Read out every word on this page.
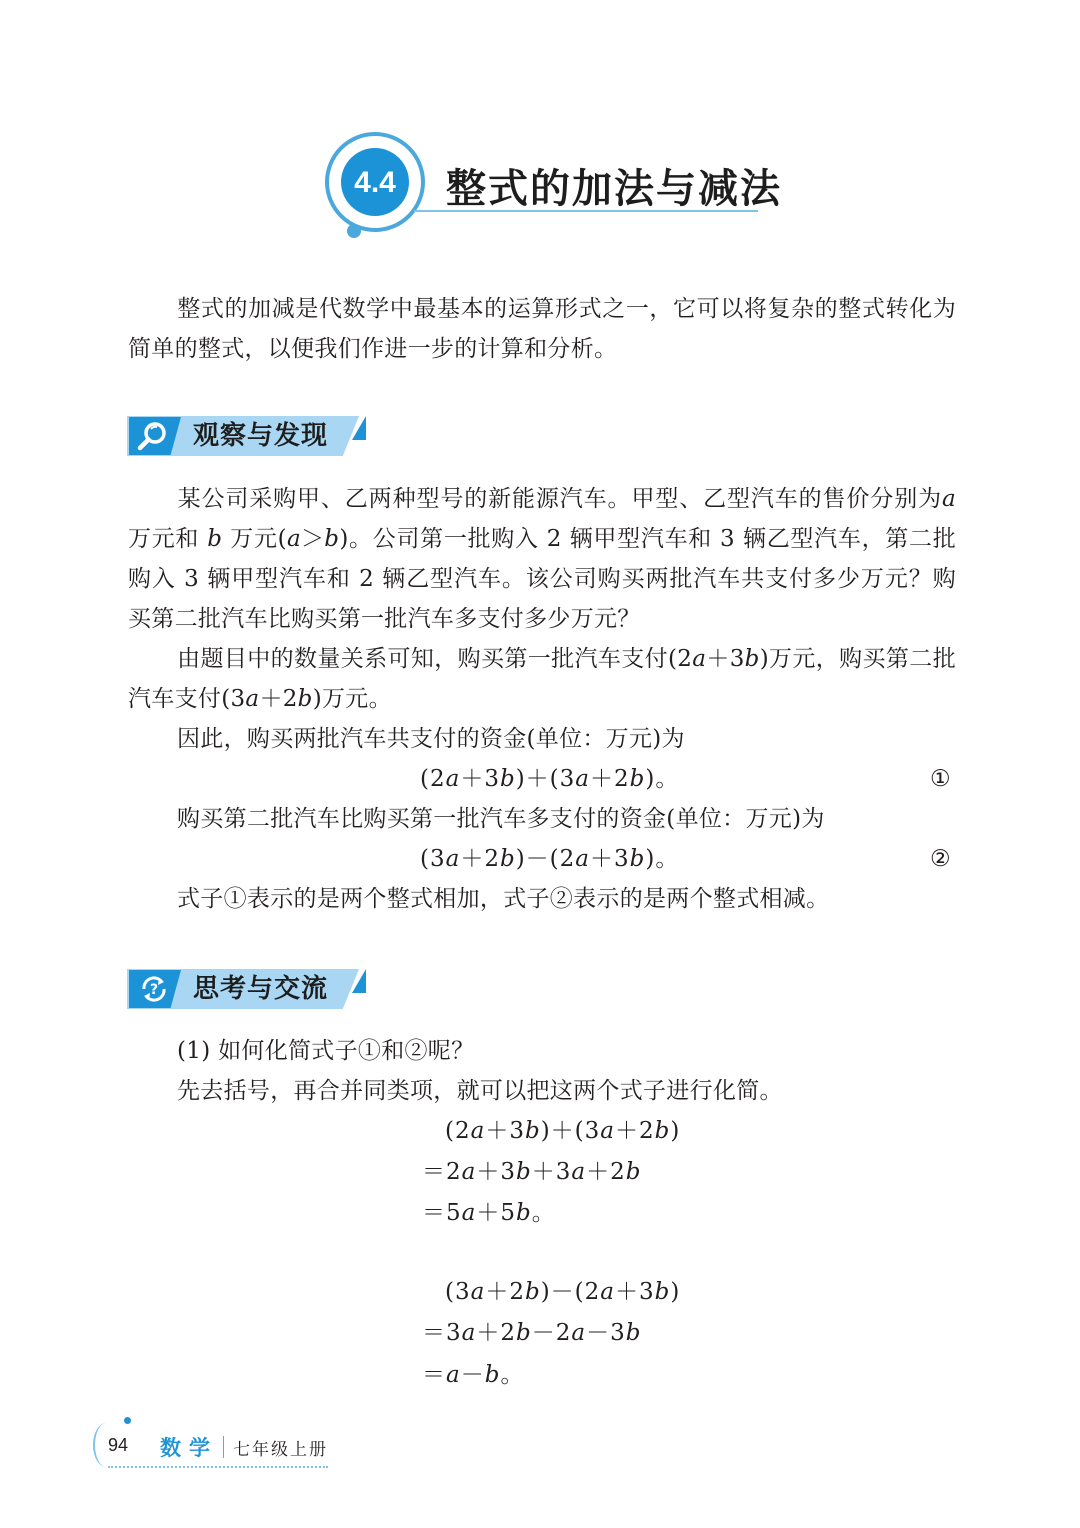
4.4	整式的加法与减法
整式的加减是代数学中最基本的运算形式之一，它可以将复杂的整式转化为简单的整式，以便我们作进一步的计算和分析。
观察与发现
某公司采购甲、乙两种型号的新能源汽车。甲型、乙型汽车的售价分别为a 万元和 b 万元(a＞b)。公司第一批购入 2 辆甲型汽车和 3 辆乙型汽车，第二批购入 3 辆甲型汽车和 2 辆乙型汽车。该公司购买两批汽车共支付多少万元？购买第二批汽车比购买第一批汽车多支付多少万元？
由题目中的数量关系可知，购买第一批汽车支付(2a＋3b)万元，购买第二批汽车支付(3a＋2b)万元。
因此，购买两批汽车共支付的资金(单位：万元)为
(2a＋3b)＋(3a＋2b)。	①
购买第二批汽车比购买第一批汽车多支付的资金(单位：万元)为
(3a＋2b)－(2a＋3b)。	②
式子①表示的是两个整式相加，式子②表示的是两个整式相减。
? 思考与交流
(1) 如何化简式子①和②呢？
先去括号，再合并同类项，就可以把这两个式子进行化简。
(2a＋3b)＋(3a＋2b)
＝2a＋3b＋3a＋2b
＝5a＋5b。
(3a＋2b)－(2a＋3b)
＝3a＋2b－2a－3b
＝a－b。
94 数学 七年级上册
